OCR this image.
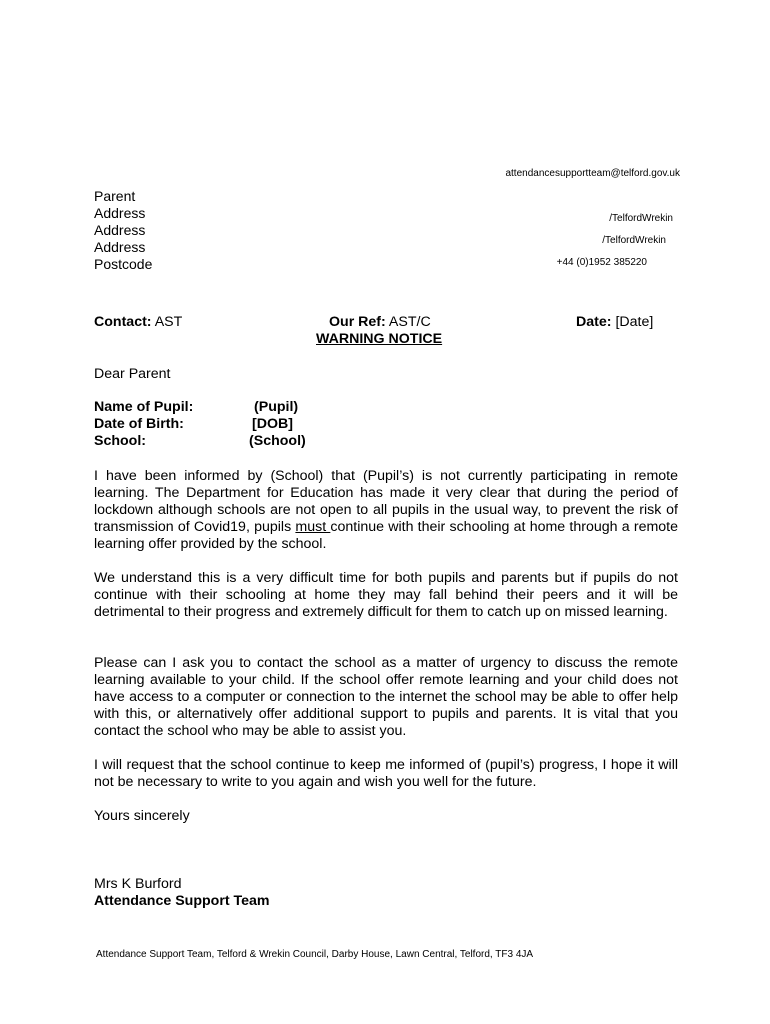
attendancesupportteam@telford.gov.uk
/TelfordWrekin
/TelfordWrekin
+44 (0)1952 385220
Parent
Address
Address
Address
Postcode
Contact: AST	Our Ref: AST/C	Date: [Date]
WARNING NOTICE
Dear Parent
Name of Pupil:	(Pupil)
Date of Birth:	[DOB]
School:	(School)
I have been informed by (School) that (Pupil’s) is not currently participating in remote learning. The Department for Education has made it very clear that during the period of lockdown although schools are not open to all pupils in the usual way, to prevent the risk of transmission of Covid19, pupils must continue with their schooling at home through a remote learning offer provided by the school.
We understand this is a very difficult time for both pupils and parents but if pupils do not continue with their schooling at home they may fall behind their peers and it will be detrimental to their progress and extremely difficult for them to catch up on missed learning.
Please can I ask you to contact the school as a matter of urgency to discuss the remote learning available to your child. If the school offer remote learning and your child does not have access to a computer or connection to the internet the school may be able to offer help with this, or alternatively offer additional support to pupils and parents. It is vital that you contact the school who may be able to assist you.
I will request that the school continue to keep me informed of (pupil’s) progress, I hope it will not be necessary to write to you again and wish you well for the future.
Yours sincerely
Mrs K Burford
Attendance Support Team
Attendance Support Team, Telford & Wrekin Council, Darby House, Lawn Central, Telford, TF3 4JA
